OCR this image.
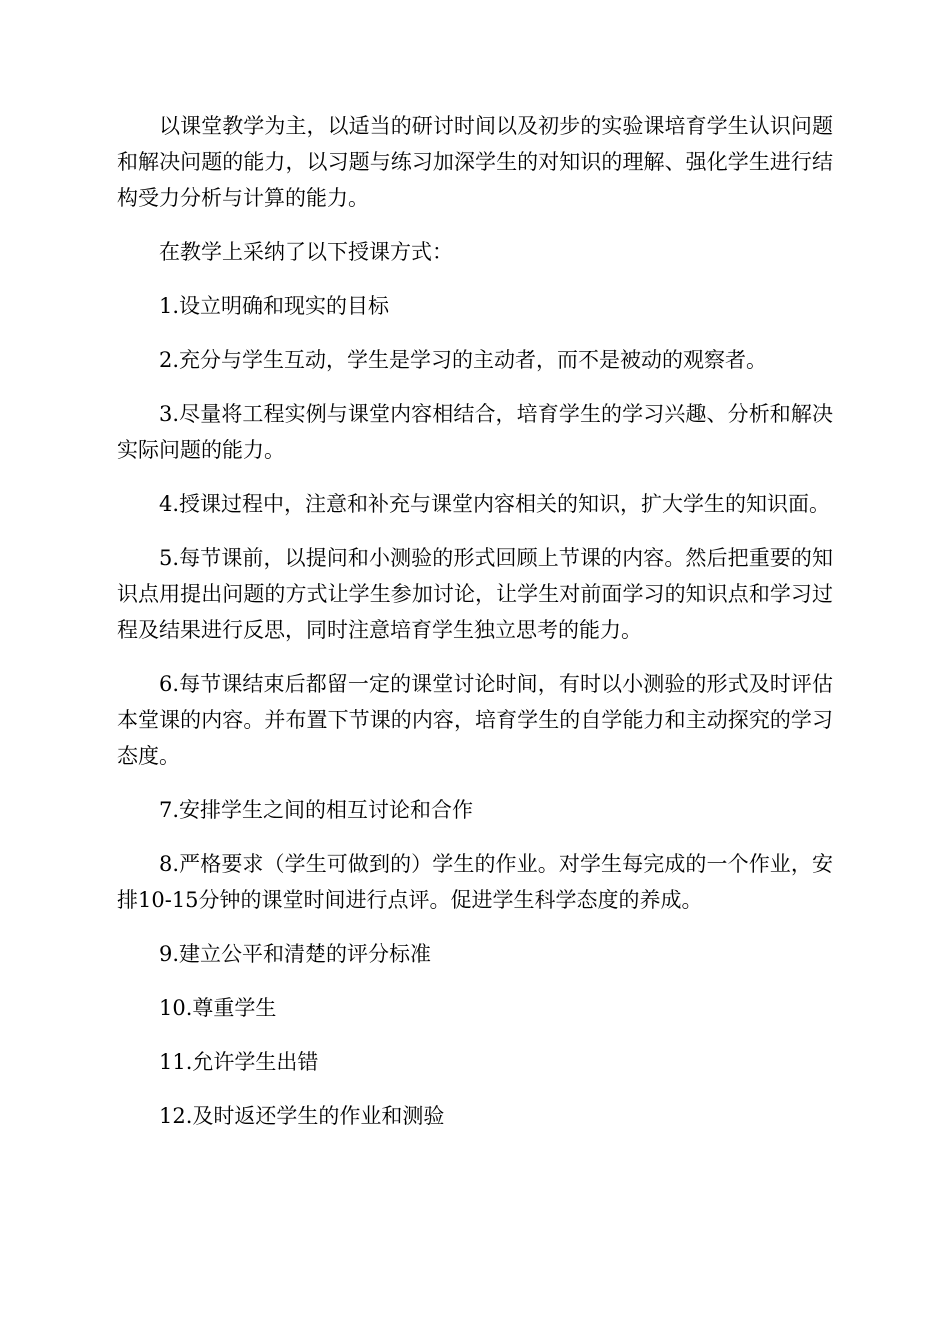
以课堂教学为主，以适当的研讨时间以及初步的实验课培育学生认识问题和解决问题的能力，以习题与练习加深学生的对知识的理解、强化学生进行结构受力分析与计算的能力。

在教学上采纳了以下授课方式：

1.设立明确和现实的目标

2.充分与学生互动，学生是学习的主动者，而不是被动的观察者。

3.尽量将工程实例与课堂内容相结合，培育学生的学习兴趣、分析和解决实际问题的能力。

4.授课过程中，注意和补充与课堂内容相关的知识，扩大学生的知识面。

5.每节课前，以提问和小测验的形式回顾上节课的内容。然后把重要的知识点用提出问题的方式让学生参加讨论，让学生对前面学习的知识点和学习过程及结果进行反思，同时注意培育学生独立思考的能力。

6.每节课结束后都留一定的课堂讨论时间，有时以小测验的形式及时评估本堂课的内容。并布置下节课的内容，培育学生的自学能力和主动探究的学习态度。

7.安排学生之间的相互讨论和合作

8.严格要求（学生可做到的）学生的作业。对学生每完成的一个作业，安排10-15分钟的课堂时间进行点评。促进学生科学态度的养成。

9.建立公平和清楚的评分标准

10.尊重学生

11.允许学生出错

12.及时返还学生的作业和测验
